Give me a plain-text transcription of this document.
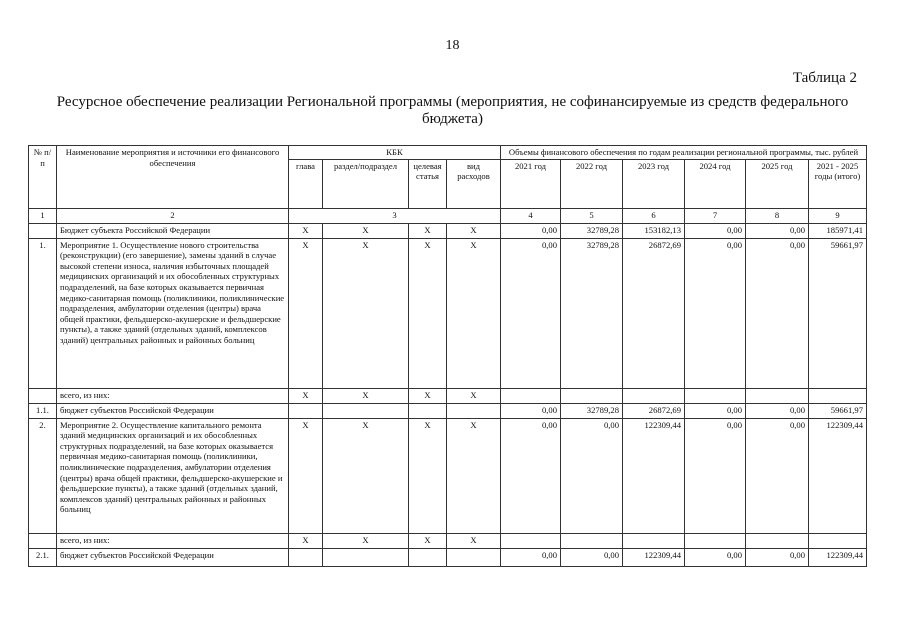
18
Таблица 2
Ресурсное обеспечение реализации Региональной программы (мероприятия, не софинансируемые из средств федерального бюджета)
№ п/п	Наименование мероприятия и источники его финансового обеспечения	КБК				Объемы финансового обеспечения по годам реализации региональной программы, тыс. рублей					
		глава	раздел/подраздел	целевая статья	вид расходов	2021 год	2022 год	2023 год	2024 год	2025 год	2021 - 2025 годы (итого)
1	2	3				4	5	6	7	8	9
	Бюджет субъекта Российской Федерации	X	X	X	X	0,00	32789,28	153182,13	0,00	0,00	185971,41
1.	Мероприятие 1. Осуществление нового строительства (реконструкции) (его завершение), замены зданий в случае высокой степени износа, наличия избыточных площадей медицинских организаций и их обособленных структурных подразделений, на базе которых оказывается первичная медико-санитарная помощь (поликлиники, поликлинические подразделения, амбулатории отделения (центры) врача общей практики, фельдшерско-акушерские и фельдшерские пункты), а также зданий (отдельных зданий, комплексов зданий) центральных районных и районных больниц	X	X	X	X	0,00	32789,28	26872,69	0,00	0,00	59661,97
	всего, из них:	X	X	X	X						
1.1.	бюджет субъектов Российской Федерации					0,00	32789,28	26872,69	0,00	0,00	59661,97
2.	Мероприятие 2. Осуществление капитального ремонта зданий медицинских организаций и их обособленных структурных подразделений, на базе которых оказывается первичная медико-санитарная помощь (поликлиники, поликлинические подразделения, амбулатории отделения (центры) врача общей практики, фельдшерско-акушерские и фельдшерские пункты), а также зданий (отдельных зданий, комплексов зданий) центральных районных и районных больниц	X	X	X	X	0,00	0,00	122309,44	0,00	0,00	122309,44
	всего, из них:	X	X	X	X						
2.1.	бюджет субъектов Российской Федерации					0,00	0,00	122309,44	0,00	0,00	122309,44
